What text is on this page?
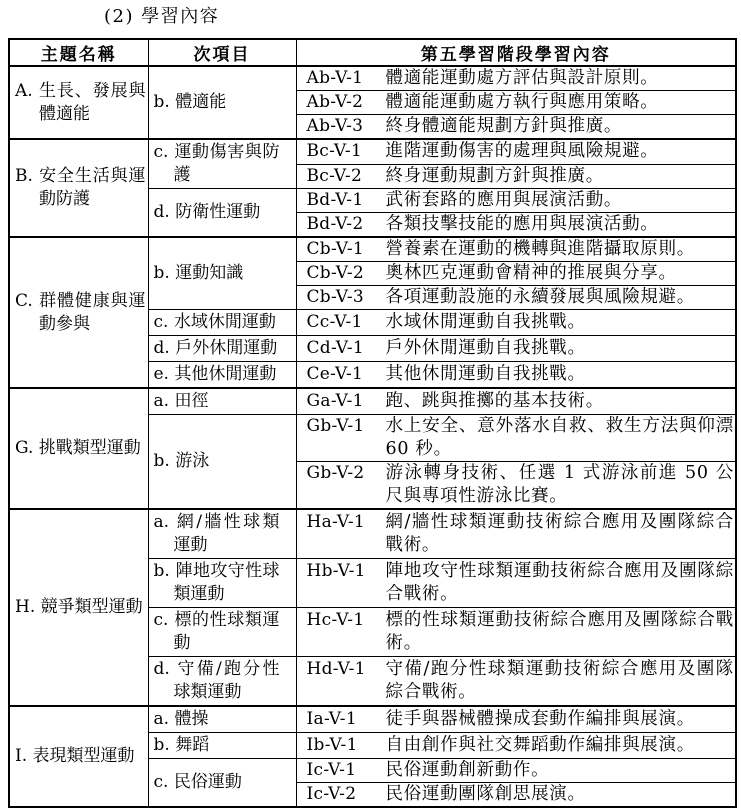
(2) 學習內容
主題名稱	次項目	第五學習階段學習內容

A. 生長、發展與體適能	b. 體適能	Ab-V-1 體適能運動處方評估與設計原則。

		Ab-V-2 體適能運動處方執行與應用策略。

		Ab-V-3 終身體適能規劃方針與推廣。

B. 安全生活與運動防護	c. 運動傷害與防護	Bc-V-1 進階運動傷害的處理與風險規避。

		Bc-V-2 終身運動規劃方針與推廣。

	d. 防衛性運動	Bd-V-1 武術套路的應用與展演活動。

		Bd-V-2 各類技擊技能的應用與展演活動。

C. 群體健康與運動參與	b. 運動知識	Cb-V-1 營養素在運動的機轉與進階攝取原則。

		Cb-V-2 奧林匹克運動會精神的推展與分享。

		Cb-V-3 各項運動設施的永續發展與風險規避。

	c. 水域休閒運動	Cc-V-1 水域休閒運動自我挑戰。

	d. 戶外休閒運動	Cd-V-1 戶外休閒運動自我挑戰。

	e. 其他休閒運動	Ce-V-1 其他休閒運動自我挑戰。

G. 挑戰類型運動	a. 田徑	Ga-V-1 跑、跳與推擲的基本技術。

	b. 游泳	Gb-V-1 水上安全、意外落水自救、救生方法與仰漂 60 秒。

		Gb-V-2 游泳轉身技術、任選 1 式游泳前進 50 公尺與專項性游泳比賽。

H. 競爭類型運動	a. 網/牆性球類運動	Ha-V-1 網/牆性球類運動技術綜合應用及團隊綜合戰術。

	b. 陣地攻守性球類運動	Hb-V-1 陣地攻守性球類運動技術綜合應用及團隊綜合戰術。

	c. 標的性球類運動	Hc-V-1 標的性球類運動技術綜合應用及團隊綜合戰術。

	d. 守備/跑分性球類運動	Hd-V-1 守備/跑分性球類運動技術綜合應用及團隊綜合戰術。

I. 表現類型運動	a. 體操	Ia-V-1 徒手與器械體操成套動作編排與展演。

	b. 舞蹈	Ib-V-1 自由創作與社交舞蹈動作編排與展演。

	c. 民俗運動	Ic-V-1 民俗運動創新動作。

		Ic-V-2 民俗運動團隊創思展演。
